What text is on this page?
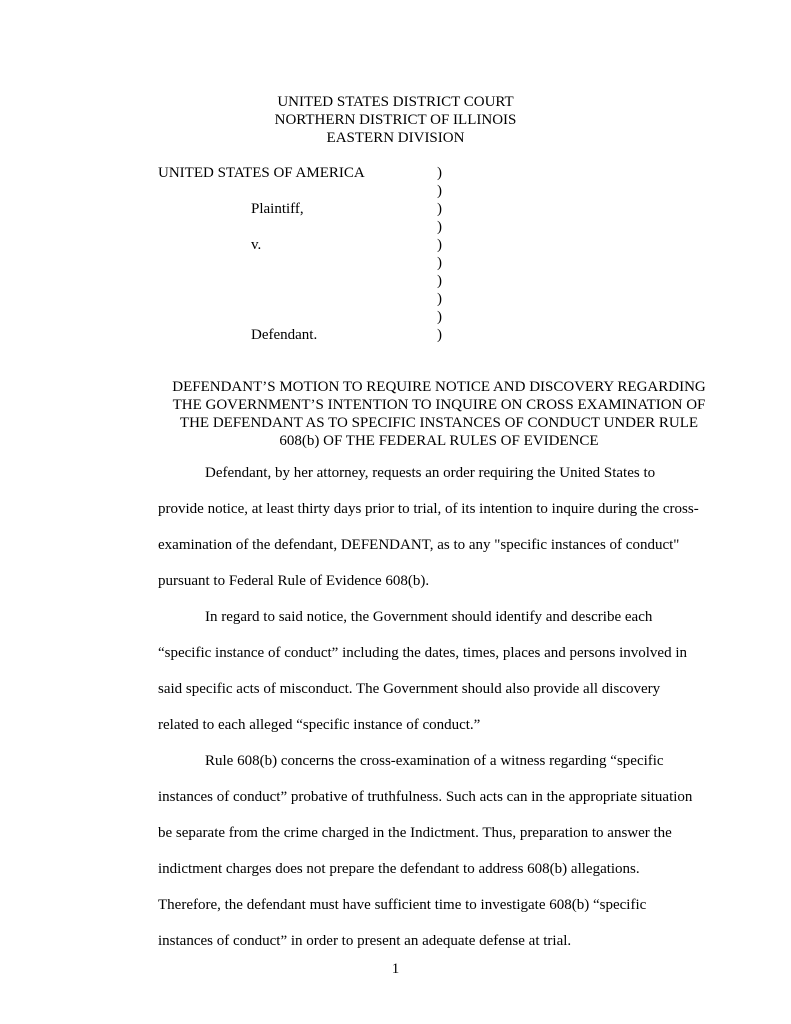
UNITED STATES DISTRICT COURT
NORTHERN DISTRICT OF ILLINOIS
EASTERN DIVISION
UNITED STATES OF AMERICA	)
)
Plaintiff,	)
)
v.	)
)
)
)
)
Defendant.	)
DEFENDANT’S MOTION TO REQUIRE NOTICE AND DISCOVERY REGARDING
THE GOVERNMENT’S INTENTION TO INQUIRE ON CROSS EXAMINATION OF
THE DEFENDANT AS TO SPECIFIC INSTANCES OF CONDUCT UNDER RULE
608(b) OF THE FEDERAL RULES OF EVIDENCE
Defendant, by her attorney, requests an order requiring the United States to
provide notice, at least thirty days prior to trial, of its intention to inquire during the cross-
examination of the defendant, DEFENDANT, as to any "specific instances of conduct"
pursuant to Federal Rule of Evidence 608(b).
In regard to said notice, the Government should identify and describe each
“specific instance of conduct” including the dates, times, places and persons involved in
said specific acts of misconduct. The Government should also provide all discovery
related to each alleged “specific instance of conduct.”
Rule 608(b) concerns the cross-examination of a witness regarding “specific
instances of conduct” probative of truthfulness. Such acts can in the appropriate situation
be separate from the crime charged in the Indictment. Thus, preparation to answer the
indictment charges does not prepare the defendant to address 608(b) allegations.
Therefore, the defendant must have sufficient time to investigate 608(b) “specific
instances of conduct” in order to present an adequate defense at trial.
1
